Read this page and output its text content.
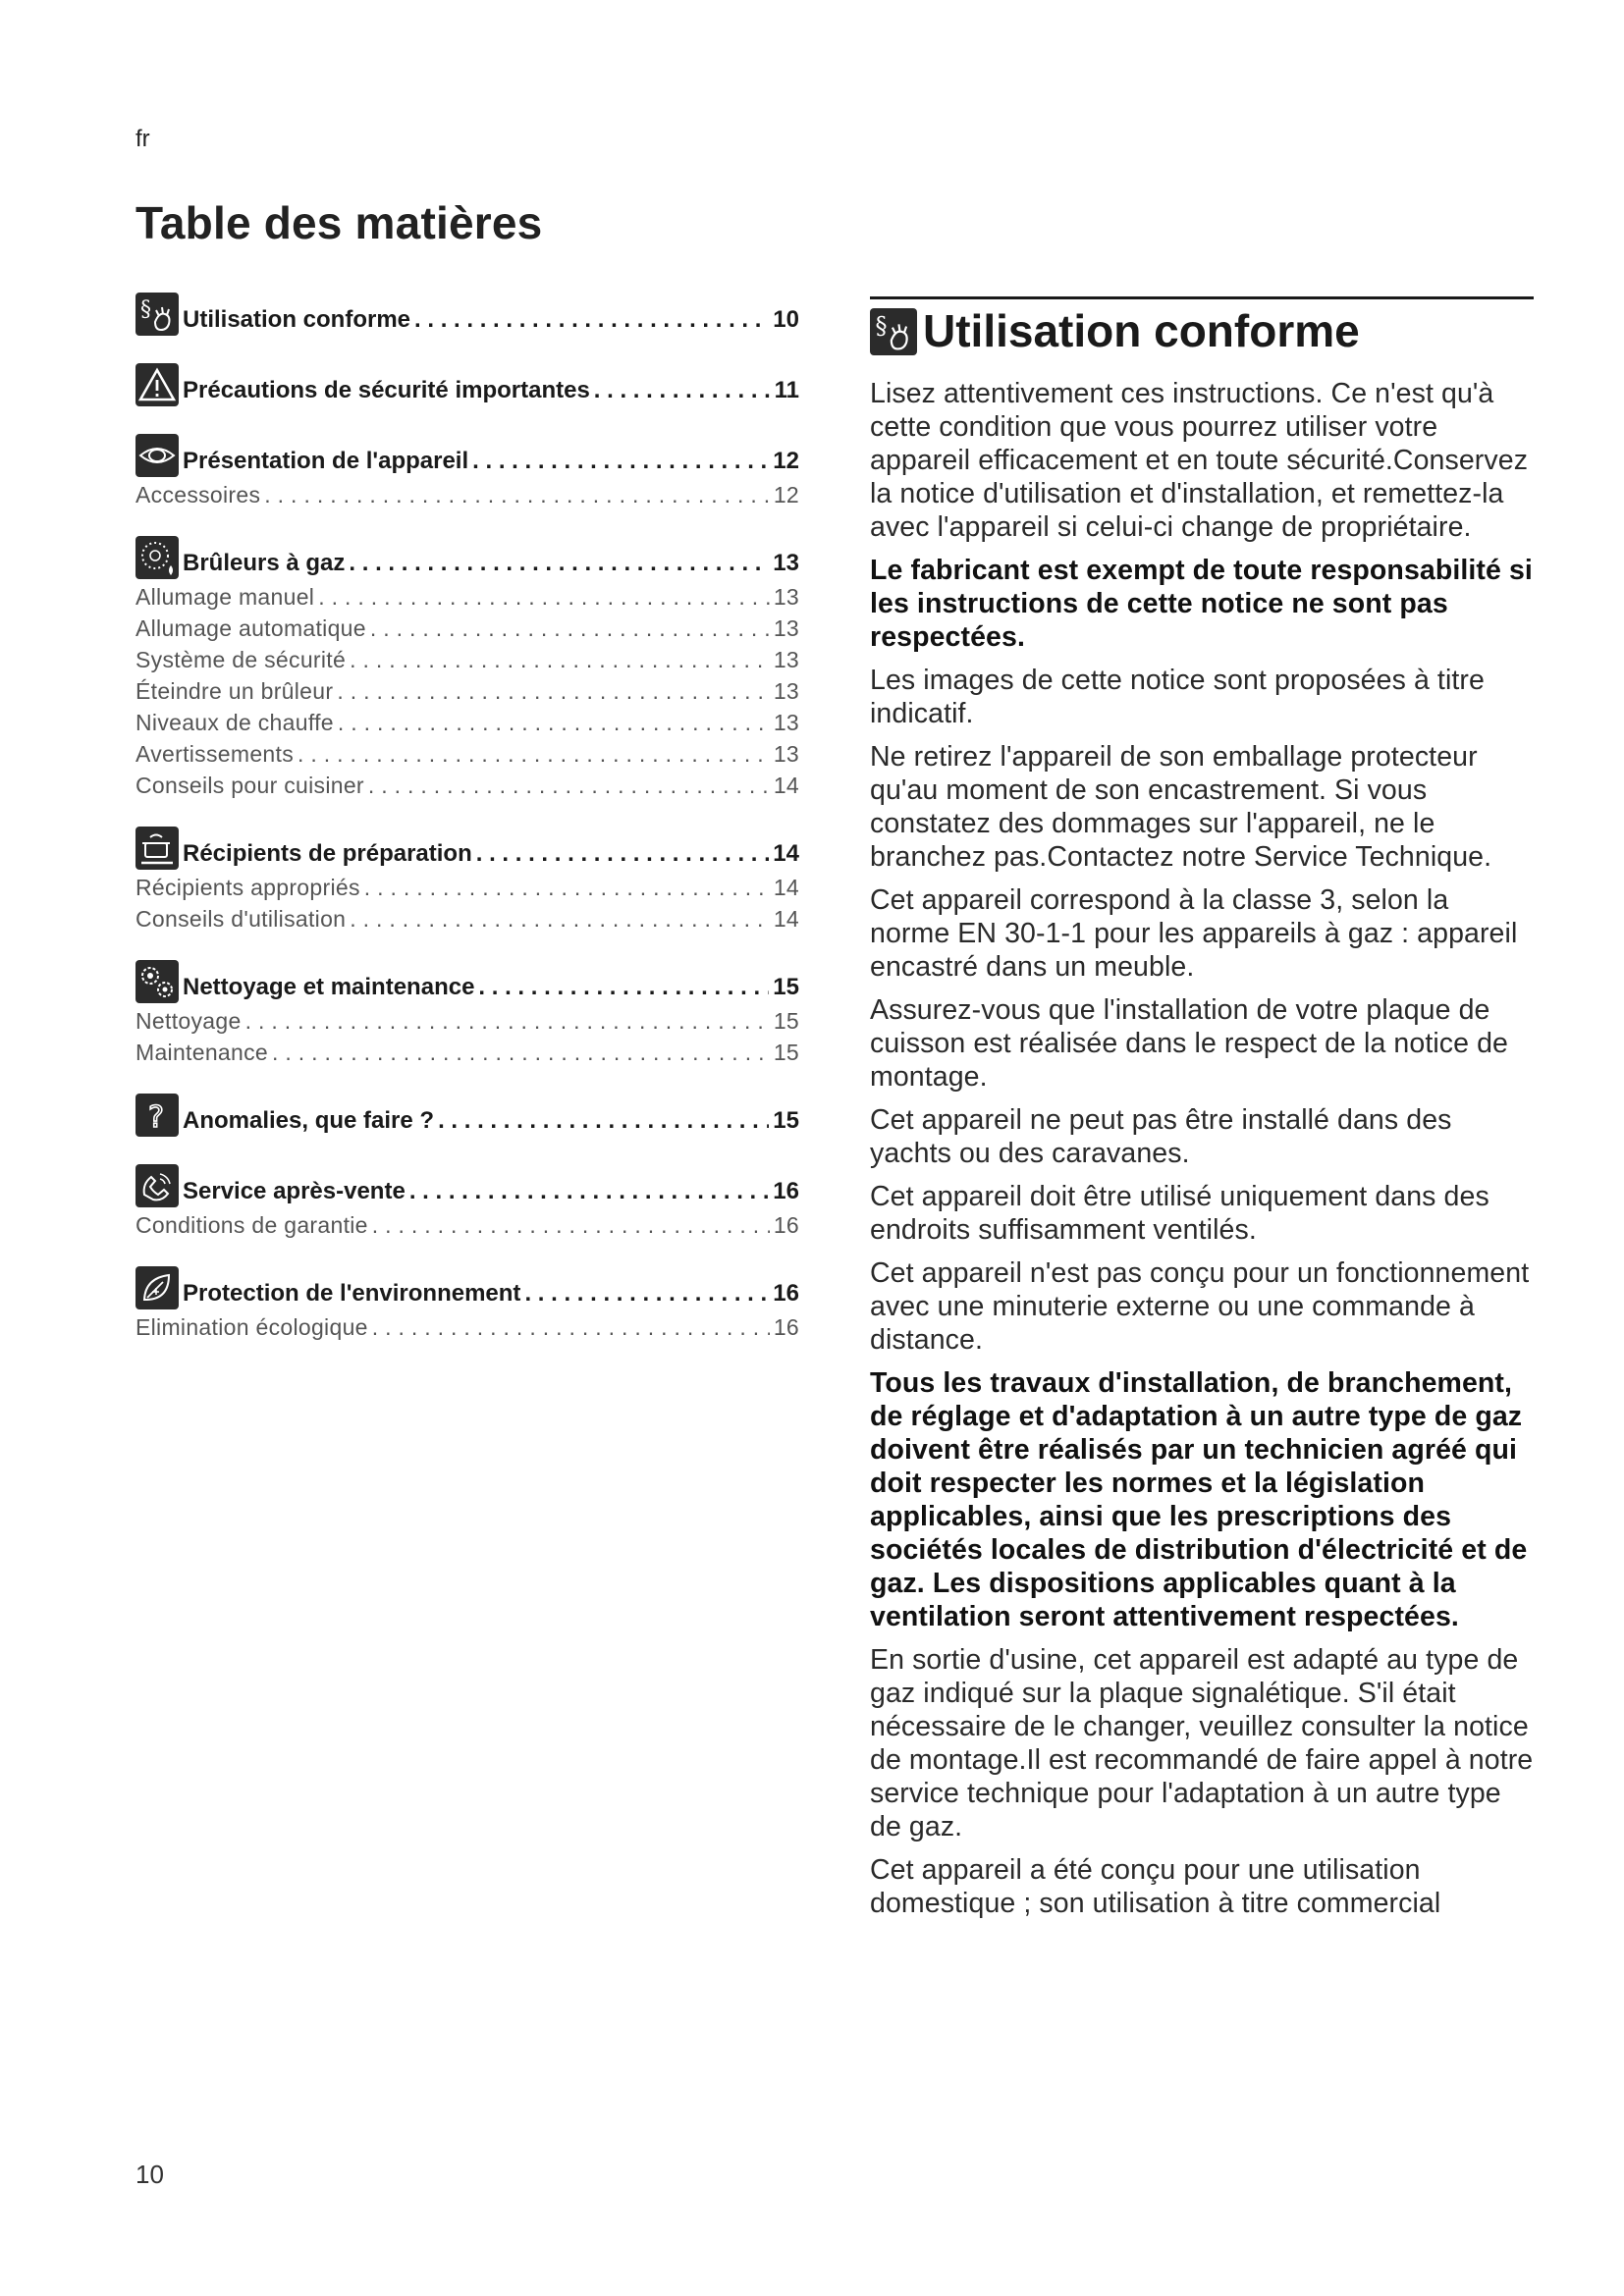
fr
Table des matières
§ Utilisation conforme . . .	10
Précautions de sécurité importantes . . .	11
Présentation de l'appareil . . .	12
Accessoires . . .	12
Brûleurs à gaz . . .	13
Allumage manuel . . .	13
Allumage automatique . . .	13
Système de sécurité . . .	13
Éteindre un brûleur . . .	13
Niveaux de chauffe . . .	13
Avertissements . . .	13
Conseils pour cuisiner . . .	14
Récipients de préparation . . .	14
Récipients appropriés . . .	14
Conseils d'utilisation . . .	14
Nettoyage et maintenance . . .	15
Nettoyage . . .	15
Maintenance . . .	15
? Anomalies, que faire ? . . .	15
Service après-vente . . .	16
Conditions de garantie . . .	16
Protection de l'environnement . . .	16
Elimination écologique . . .	16
§ Utilisation conforme

Lisez attentivement ces instructions. Ce n'est qu'à cette condition que vous pourrez utiliser votre appareil efficacement et en toute sécurité.Conservez la notice d'utilisation et d'installation, et remettez-la avec l'appareil si celui-ci change de propriétaire.

Le fabricant est exempt de toute responsabilité si les instructions de cette notice ne sont pas respectées.

Les images de cette notice sont proposées à titre indicatif.

Ne retirez l'appareil de son emballage protecteur qu'au moment de son encastrement. Si vous constatez des dommages sur l'appareil, ne le branchez pas.Contactez notre Service Technique.

Cet appareil correspond à la classe 3, selon la norme EN 30-1-1 pour les appareils à gaz : appareil encastré dans un meuble.

Assurez-vous que l'installation de votre plaque de cuisson est réalisée dans le respect de la notice de montage.

Cet appareil ne peut pas être installé dans des yachts ou des caravanes.

Cet appareil doit être utilisé uniquement dans des endroits suffisamment ventilés.

Cet appareil n'est pas conçu pour un fonctionnement avec une minuterie externe ou une commande à distance.

Tous les travaux d'installation, de branchement, de réglage et d'adaptation à un autre type de gaz doivent être réalisés par un technicien agréé qui doit respecter les normes et la législation applicables, ainsi que les prescriptions des sociétés locales de distribution d'électricité et de gaz. Les dispositions applicables quant à la ventilation seront attentivement respectées.

En sortie d'usine, cet appareil est adapté au type de gaz indiqué sur la plaque signalétique. S'il était nécessaire de le changer, veuillez consulter la notice de montage.Il est recommandé de faire appel à notre service technique pour l'adaptation à un autre type de gaz.

Cet appareil a été conçu pour une utilisation domestique ; son utilisation à titre commercial

10
